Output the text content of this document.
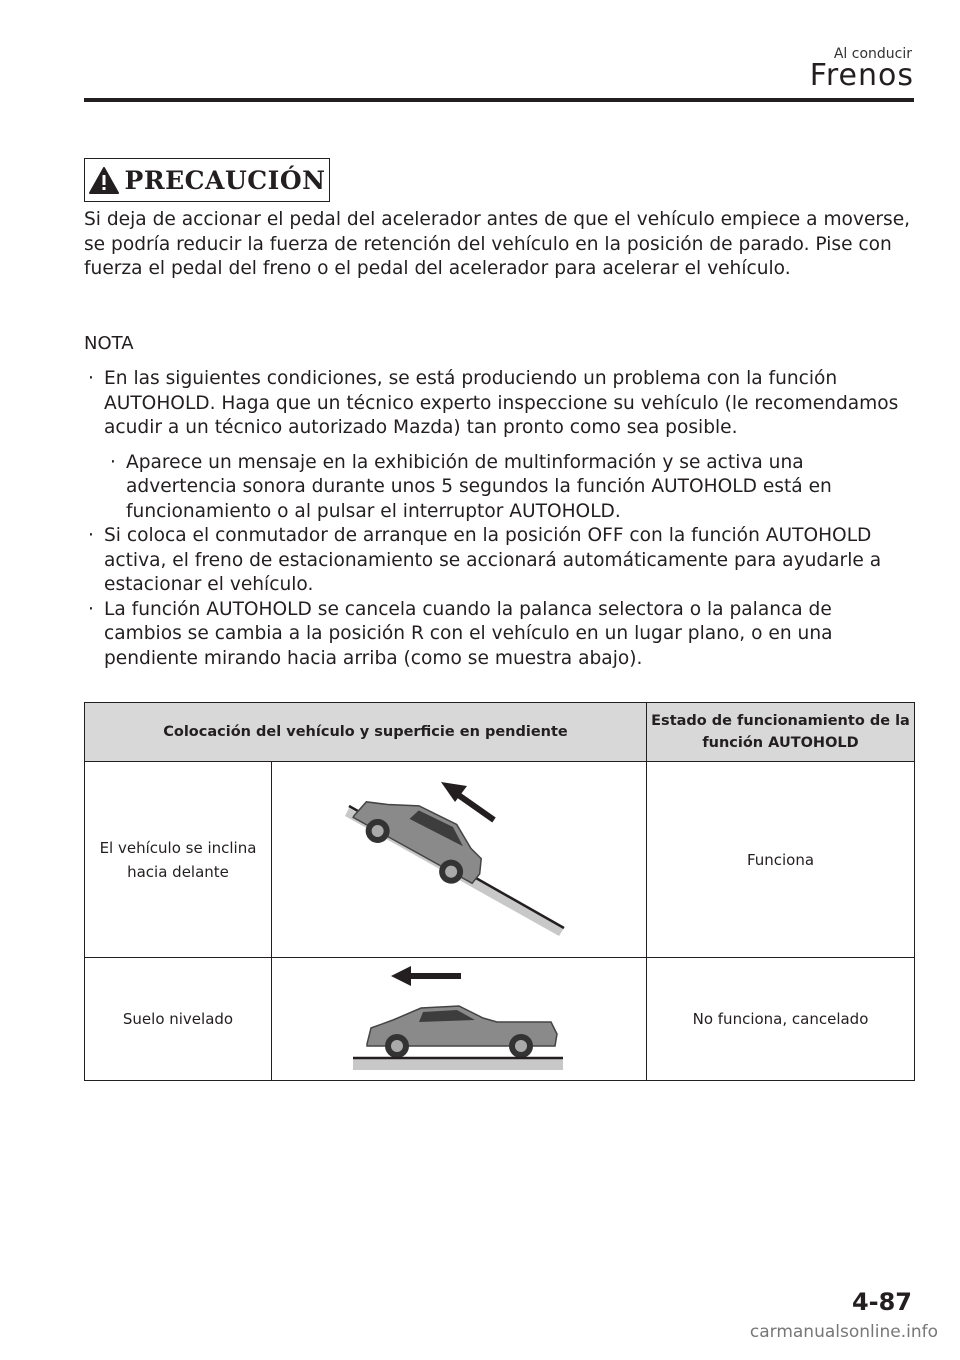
Al conducir
Frenos
PRECAUCIÓN
Si deja de accionar el pedal del acelerador antes de que el vehículo empiece a moverse, se podría reducir la fuerza de retención del vehículo en la posición de parado. Pise con fuerza el pedal del freno o el pedal del acelerador para acelerar el vehículo.
NOTA
· En las siguientes condiciones, se está produciendo un problema con la función AUTOHOLD. Haga que un técnico experto inspeccione su vehículo (le recomendamos acudir a un técnico autorizado Mazda) tan pronto como sea posible.
· Aparece un mensaje en la exhibición de multinformación y se activa una advertencia sonora durante unos 5 segundos la función AUTOHOLD está en funcionamiento o al pulsar el interruptor AUTOHOLD.
· Si coloca el conmutador de arranque en la posición OFF con la función AUTOHOLD activa, el freno de estacionamiento se accionará automáticamente para ayudarle a estacionar el vehículo.
· La función AUTOHOLD se cancela cuando la palanca selectora o la palanca de cambios se cambia a la posición R con el vehículo en un lugar plano, o en una pendiente mirando hacia arriba (como se muestra abajo).
Colocación del vehículo y superficie en pendiente		Estado de funcionamiento de la función AUTOHOLD

El vehículo se inclina hacia delante		Funciona
Suelo nivelado		No funciona, cancelado
4-87
carmanualsonline.info
